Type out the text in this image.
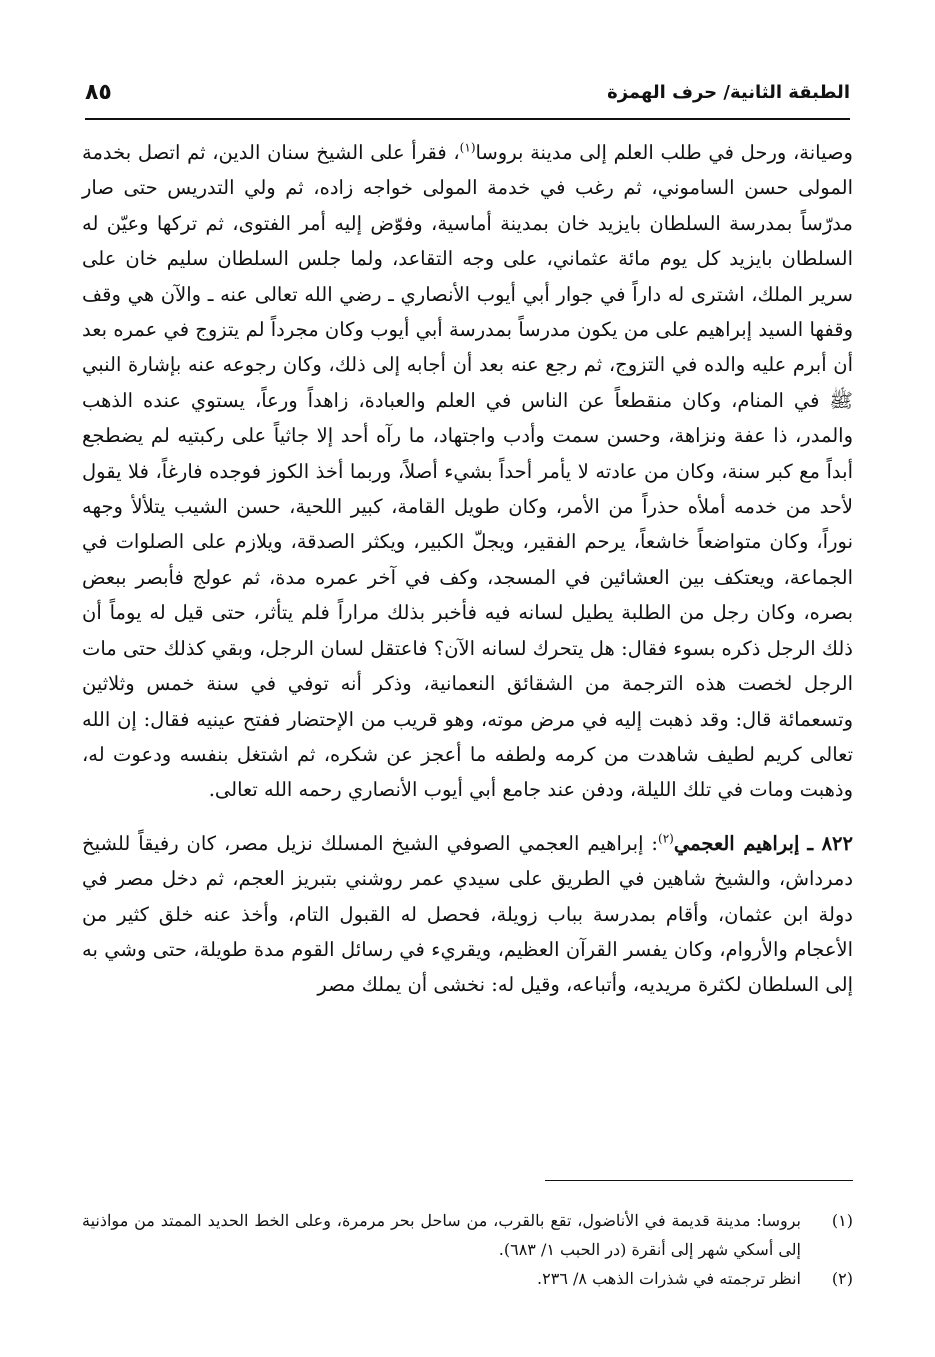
الطبقة الثانية/ حرف الهمزة
٨٥

وصيانة، ورحل في طلب العلم إلى مدينة بروسا$^{(١)}$، فقرأ على الشيخ سنان الدين، ثم اتصل بخدمة المولى حسن الساموني، ثم رغب في خدمة المولى خواجه زاده، ثم ولي التدريس حتى صار مدرّساً بمدرسة السلطان بايزيد خان بمدينة أماسية، وفوّض إليه أمر الفتوى، ثم تركها وعيّن له السلطان بايزيد كل يوم مائة عثماني، على وجه التقاعد، ولما جلس السلطان سليم خان على سرير الملك، اشترى له داراً في جوار أبي أيوب الأنصاري ـ رضي الله تعالى عنه ـ والآن هي وقف وقفها السيد إبراهيم على من يكون مدرساً بمدرسة أبي أيوب وكان مجرداً لم يتزوج في عمره بعد أن أبرم عليه والده في التزوج، ثم رجع عنه بعد أن أجابه إلى ذلك، وكان رجوعه عنه بإشارة النبي ﷺ في المنام، وكان منقطعاً عن الناس في العلم والعبادة، زاهداً ورعاً، يستوي عنده الذهب والمدر، ذا عفة ونزاهة، وحسن سمت وأدب واجتهاد، ما رآه أحد إلا جاثياً على ركبتيه لم يضطجع أبداً مع كبر سنة، وكان من عادته لا يأمر أحداً بشيء أصلاً، وربما أخذ الكوز فوجده فارغاً، فلا يقول لأحد من خدمه أملأه حذراً من الأمر، وكان طويل القامة، كبير اللحية، حسن الشيب يتلألأ وجهه نوراً، وكان متواضعاً خاشعاً، يرحم الفقير، ويجلّ الكبير، ويكثر الصدقة، ويلازم على الصلوات في الجماعة، ويعتكف بين العشائين في المسجد، وكف في آخر عمره مدة، ثم عولج فأبصر ببعض بصره، وكان رجل من الطلبة يطيل لسانه فيه فأخبر بذلك مراراً فلم يتأثر، حتى قيل له يوماً أن ذلك الرجل ذكره بسوء فقال: هل يتحرك لسانه الآن؟ فاعتقل لسان الرجل، وبقي كذلك حتى مات الرجل لخصت هذه الترجمة من الشقائق النعمانية، وذكر أنه توفي في سنة خمس وثلاثين وتسعمائة قال: وقد ذهبت إليه في مرض موته، وهو قريب من الإحتضار ففتح عينيه فقال: إن الله تعالى كريم لطيف شاهدت من كرمه ولطفه ما أعجز عن شكره، ثم اشتغل بنفسه ودعوت له، وذهبت ومات في تلك الليلة، ودفن عند جامع أبي أيوب الأنصاري رحمه الله تعالى.

٨٢٢ ـ إبراهيم العجمي$^{(٢)}$: إبراهيم العجمي الصوفي الشيخ المسلك نزيل مصر، كان رفيقاً للشيخ دمرداش، والشيخ شاهين في الطريق على سيدي عمر روشني بتبريز العجم، ثم دخل مصر في دولة ابن عثمان، وأقام بمدرسة بباب زويلة، فحصل له القبول التام، وأخذ عنه خلق كثير من الأعجام والأروام، وكان يفسر القرآن العظيم، ويقريء في رسائل القوم مدة طويلة، حتى وشي به إلى السلطان لكثرة مريديه، وأتباعه، وقيل له: نخشى أن يملك مصر

(١)
بروسا: مدينة قديمة في الأناضول، تقع بالقرب، من ساحل بحر مرمرة، وعلى الخط الحديد الممتد من مواذنية إلى أسكي شهر إلى أنقرة (در الحبب ١/ ٦٨٣).
(٢)
انظر ترجمته في شذرات الذهب ٨/ ٢٣٦.
